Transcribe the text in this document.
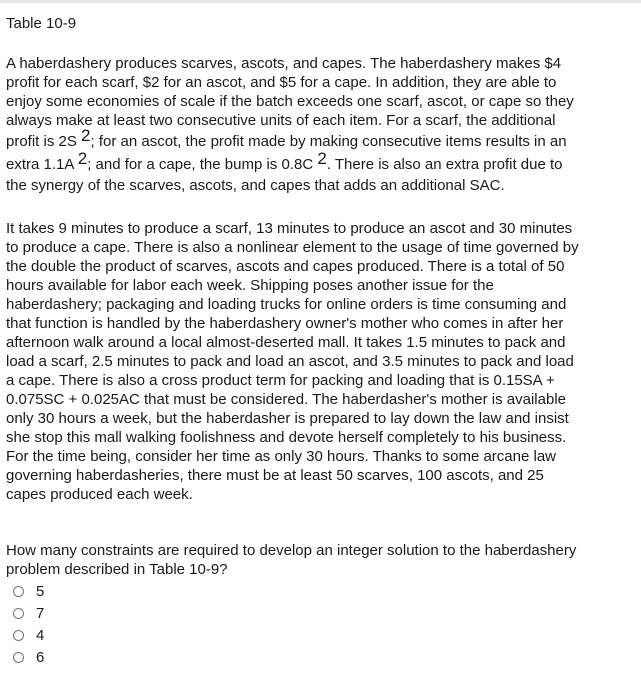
Table 10-9
A haberdashery produces scarves, ascots, and capes. The haberdashery makes $4
profit for each scarf, $2 for an ascot, and $5 for a cape. In addition, they are able to
enjoy some economies of scale if the batch exceeds one scarf, ascot, or cape so they
always make at least two consecutive units of each item. For a scarf, the additional
profit is 2S $^2$; for an ascot, the profit made by making consecutive items results in an
extra 1.1A $^2$; and for a cape, the bump is 0.8C $^2$. There is also an extra profit due to
the synergy of the scarves, ascots, and capes that adds an additional SAC.
It takes 9 minutes to produce a scarf, 13 minutes to produce an ascot and 30 minutes
to produce a cape. There is also a nonlinear element to the usage of time governed by
the double the product of scarves, ascots and capes produced. There is a total of 50
hours available for labor each week. Shipping poses another issue for the
haberdashery; packaging and loading trucks for online orders is time consuming and
that function is handled by the haberdashery owner's mother who comes in after her
afternoon walk around a local almost-deserted mall. It takes 1.5 minutes to pack and
load a scarf, 2.5 minutes to pack and load an ascot, and 3.5 minutes to pack and load
a cape. There is also a cross product term for packing and loading that is 0.15SA +
0.075SC + 0.025AC that must be considered. The haberdasher's mother is available
only 30 hours a week, but the haberdasher is prepared to lay down the law and insist
she stop this mall walking foolishness and devote herself completely to his business.
For the time being, consider her time as only 30 hours. Thanks to some arcane law
governing haberdasheries, there must be at least 50 scarves, 100 ascots, and 25
capes produced each week.
How many constraints are required to develop an integer solution to the haberdashery
problem described in Table 10-9?
5
7
4
6
